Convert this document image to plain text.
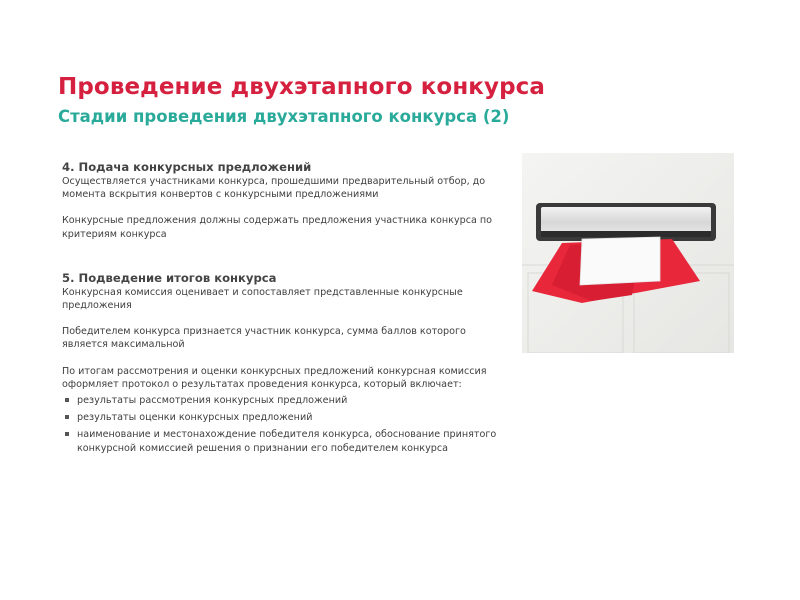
Проведение двухэтапного конкурса
Стадии проведения двухэтапного конкурса (2)

4. Подача конкурсных предложений

Осуществляется участниками конкурса, прошедшими предварительный отбор, до момента вскрытия конвертов с конкурсными предложениями

Конкурсные предложения должны содержать предложения участника конкурса по критериям конкурса

5. Подведение итогов конкурса

Конкурсная комиссия оценивает и сопоставляет представленные конкурсные предложения

Победителем конкурса признается участник конкурса, сумма баллов которого является максимальной

По итогам рассмотрения и оценки конкурсных предложений конкурсная комиссия оформляет протокол о результатах проведения конкурса, который включает:

результаты рассмотрения конкурсных предложений
результаты оценки конкурсных предложений
наименование и местонахождение победителя конкурса, обоснование принятого конкурсной комиссией решения о признании его победителем конкурса
